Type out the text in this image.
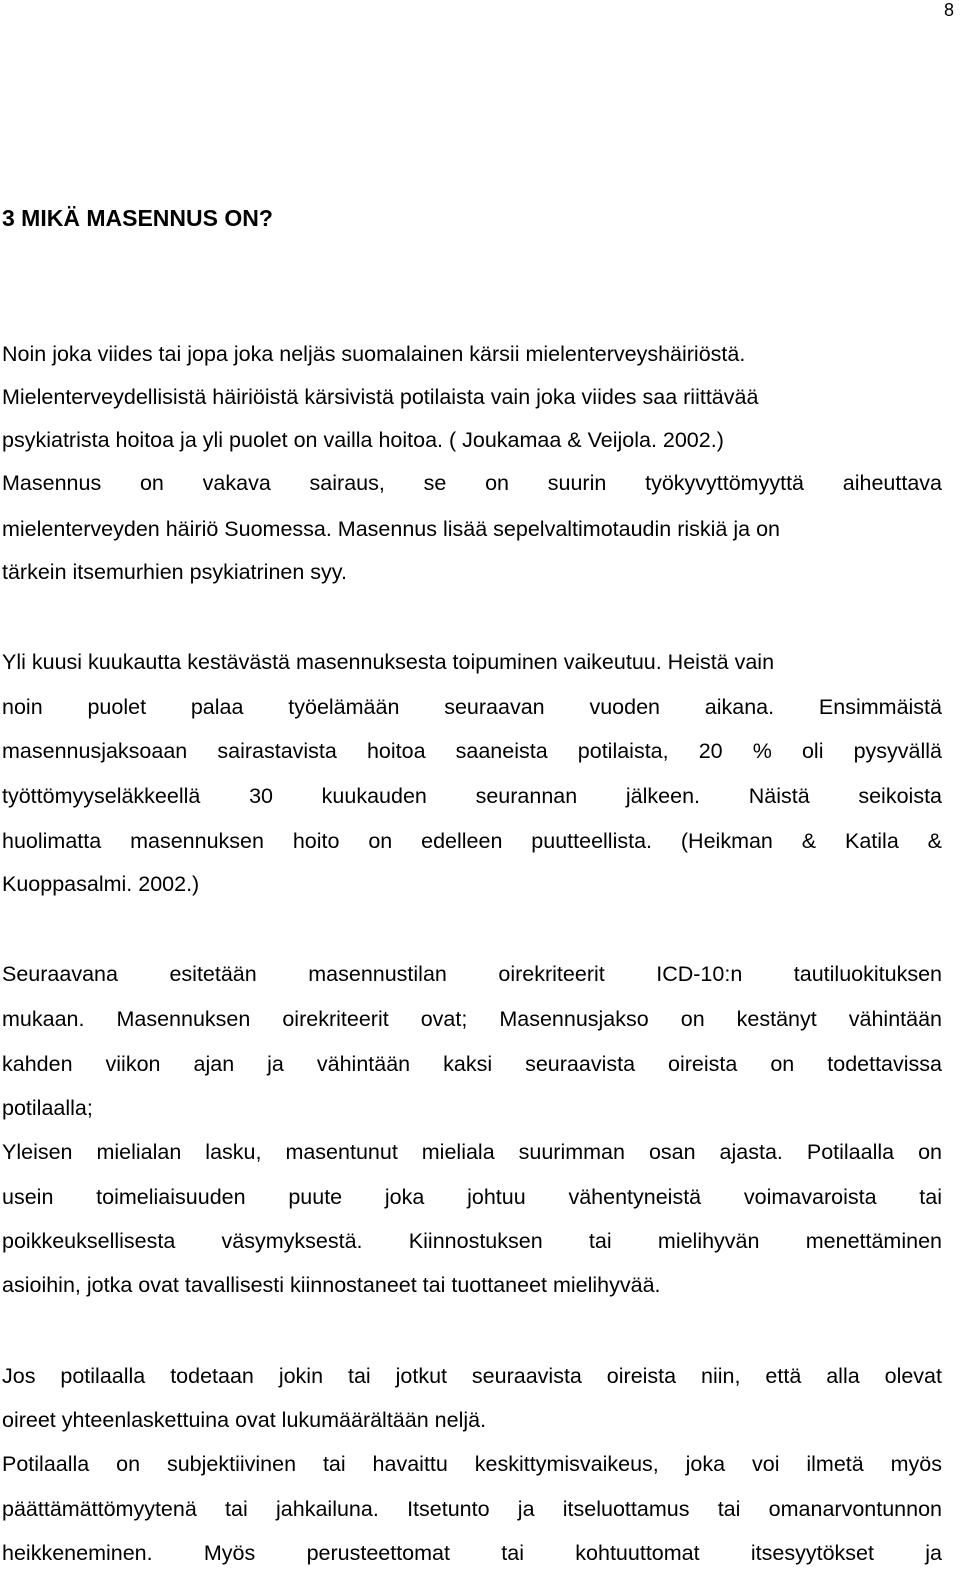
8
3 MIKÄ MASENNUS ON?
Noin joka viides tai jopa joka neljäs suomalainen kärsii mielenterveyshäiriöstä.
Mielenterveydellisistä häiriöistä kärsivistä potilaista vain joka viides saa riittävää
psykiatrista hoitoa ja yli puolet on vailla hoitoa. ( Joukamaa & Veijola. 2002.)
Masennus on vakava sairaus, se on suurin työkyvyttömyyttä aiheuttava
mielenterveyden häiriö Suomessa. Masennus lisää sepelvaltimotaudin riskiä ja on
tärkein itsemurhien psykiatrinen syy.
Yli kuusi kuukautta kestävästä masennuksesta toipuminen vaikeutuu. Heistä vain
noin puolet palaa työelämään seuraavan vuoden aikana. Ensimmäistä
masennusjaksoaan sairastavista hoitoa saaneista potilaista, 20 % oli pysyvällä
työttömyyseläkkeellä 30 kuukauden seurannan jälkeen. Näistä seikoista
huolimatta masennuksen hoito on edelleen puutteellista. (Heikman & Katila &
Kuoppasalmi. 2002.)
Seuraavana esitetään masennustilan oirekriteerit ICD-10:n tautiluokituksen
mukaan. Masennuksen oirekriteerit ovat; Masennusjakso on kestänyt vähintään
kahden viikon ajan ja vähintään kaksi seuraavista oireista on todettavissa
potilaalla;
Yleisen mielialan lasku, masentunut mieliala suurimman osan ajasta. Potilaalla on
usein toimeliaisuuden puute joka johtuu vähentyneistä voimavaroista tai
poikkeuksellisesta väsymyksestä. Kiinnostuksen tai mielihyvän menettäminen
asioihin, jotka ovat tavallisesti kiinnostaneet tai tuottaneet mielihyvää.
Jos potilaalla todetaan jokin tai jotkut seuraavista oireista niin, että alla olevat
oireet yhteenlaskettuina ovat lukumäärältään neljä.
Potilaalla on subjektiivinen tai havaittu keskittymisvaikeus, joka voi ilmetä myös
päättämättömyytenä tai jahkailuna. Itsetunto ja itseluottamus tai omanarvontunnon
heikkeneminen. Myös perusteettomat tai kohtuuttomat itsesyytökset ja
